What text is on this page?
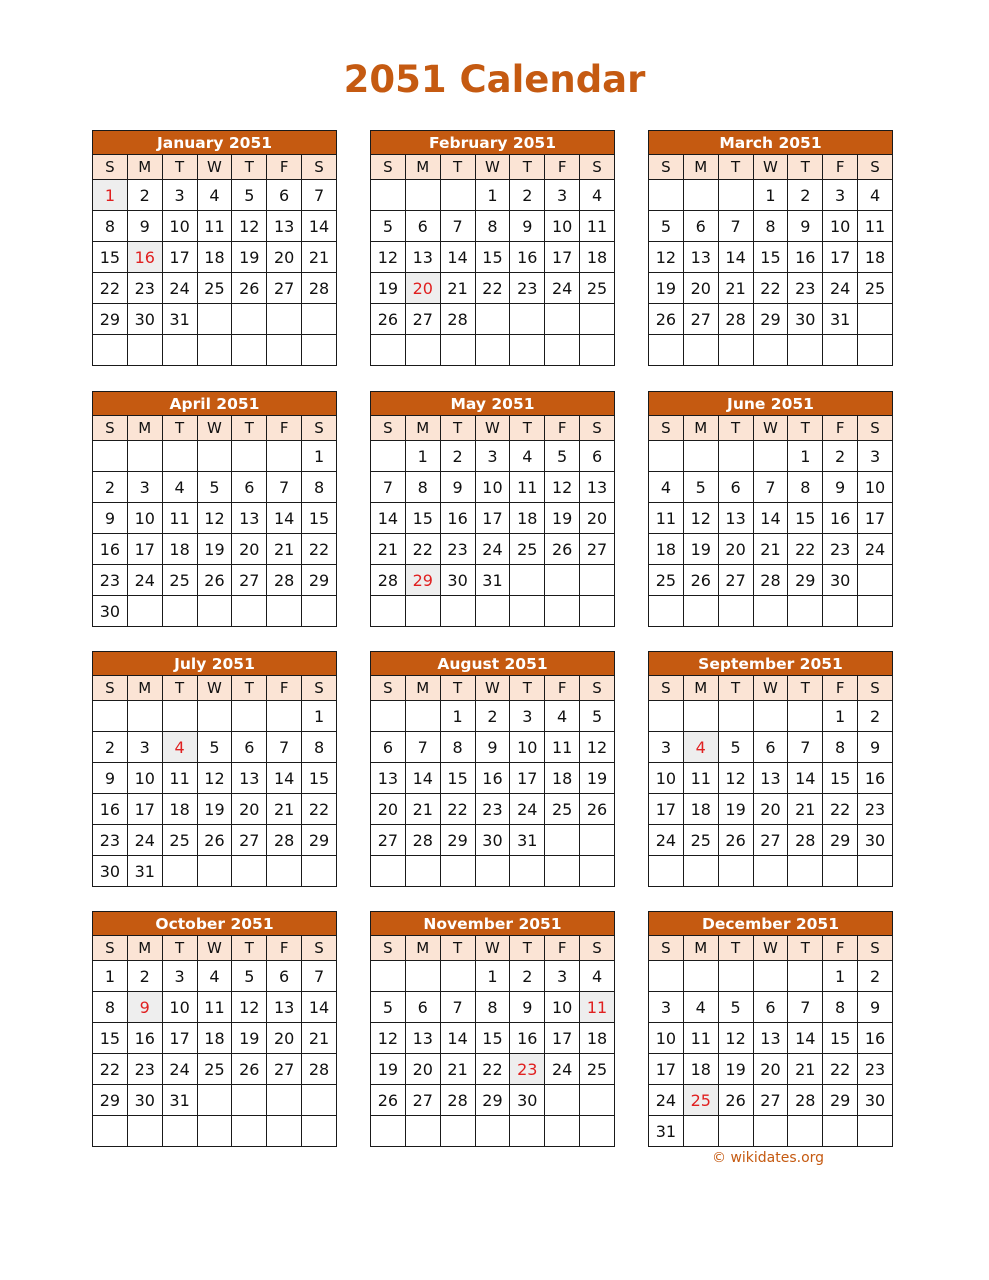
2051 Calendar
January 2051						
S	M	T	W	T	F	S
1	2	3	4	5	6	7
8	9	10	11	12	13	14
15	16	17	18	19	20	21
22	23	24	25	26	27	28
29	30	31				

February 2051						
S	M	T	W	T	F	S
			1	2	3	4
5	6	7	8	9	10	11
12	13	14	15	16	17	18
19	20	21	22	23	24	25
26	27	28				

March 2051						
S	M	T	W	T	F	S
			1	2	3	4
5	6	7	8	9	10	11
12	13	14	15	16	17	18
19	20	21	22	23	24	25
26	27	28	29	30	31	

April 2051						
S	M	T	W	T	F	S
						1
2	3	4	5	6	7	8
9	10	11	12	13	14	15
16	17	18	19	20	21	22
23	24	25	26	27	28	29
30						
May 2051						
S	M	T	W	T	F	S
	1	2	3	4	5	6
7	8	9	10	11	12	13
14	15	16	17	18	19	20
21	22	23	24	25	26	27
28	29	30	31			

June 2051						
S	M	T	W	T	F	S
				1	2	3
4	5	6	7	8	9	10
11	12	13	14	15	16	17
18	19	20	21	22	23	24
25	26	27	28	29	30	

July 2051						
S	M	T	W	T	F	S
						1
2	3	4	5	6	7	8
9	10	11	12	13	14	15
16	17	18	19	20	21	22
23	24	25	26	27	28	29
30	31					
August 2051						
S	M	T	W	T	F	S
		1	2	3	4	5
6	7	8	9	10	11	12
13	14	15	16	17	18	19
20	21	22	23	24	25	26
27	28	29	30	31		

September 2051						
S	M	T	W	T	F	S
					1	2
3	4	5	6	7	8	9
10	11	12	13	14	15	16
17	18	19	20	21	22	23
24	25	26	27	28	29	30

October 2051						
S	M	T	W	T	F	S
1	2	3	4	5	6	7
8	9	10	11	12	13	14
15	16	17	18	19	20	21
22	23	24	25	26	27	28
29	30	31				

November 2051						
S	M	T	W	T	F	S
			1	2	3	4
5	6	7	8	9	10	11
12	13	14	15	16	17	18
19	20	21	22	23	24	25
26	27	28	29	30		

December 2051						
S	M	T	W	T	F	S
					1	2
3	4	5	6	7	8	9
10	11	12	13	14	15	16
17	18	19	20	21	22	23
24	25	26	27	28	29	30
31						
© wikidates.org
